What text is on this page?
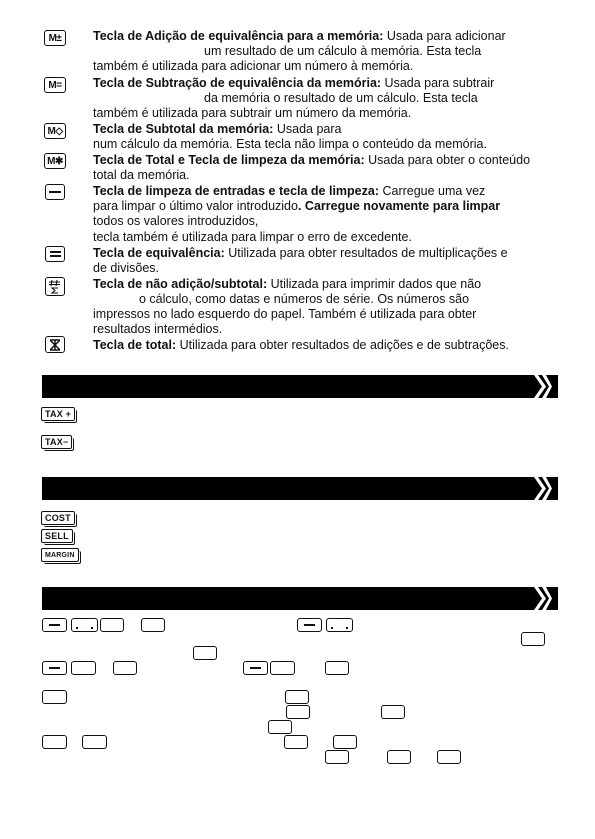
M±
M=
M◇
M✱
Tecla de Adição de equivalência para a memória: Usada para adicionar
um resultado de um cálculo à memória. Esta tecla
também é utilizada para adicionar um número à memória.
Tecla de Subtração de equivalência da memória: Usada para subtrair
da memória o resultado de um cálculo. Esta tecla
também é utilizada para subtrair um número da memória.
Tecla de Subtotal da memória: Usada para
num cálculo da memória. Esta tecla não limpa o conteúdo da memória.
Tecla de Total e Tecla de limpeza da memória: Usada para obter o conteúdo
total da memória.
Tecla de limpeza de entradas e tecla de limpeza: Carregue uma vez
para limpar o último valor introduzido. Carregue novamente para limpar
todos os valores introduzidos,
tecla também é utilizada para limpar o erro de excedente.
Tecla de equivalência: Utilizada para obter resultados de multiplicações e
de divisões.
Tecla de não adição/subtotal: Utilizada para imprimir dados que não
o cálculo, como datas e números de série. Os números são
impressos no lado esquerdo do papel. Também é utilizada para obter
resultados intermédios.
Tecla de total: Utilizada para obter resultados de adições e de subtrações.
TAX +
TAX−
COST
SELL
MARGIN
